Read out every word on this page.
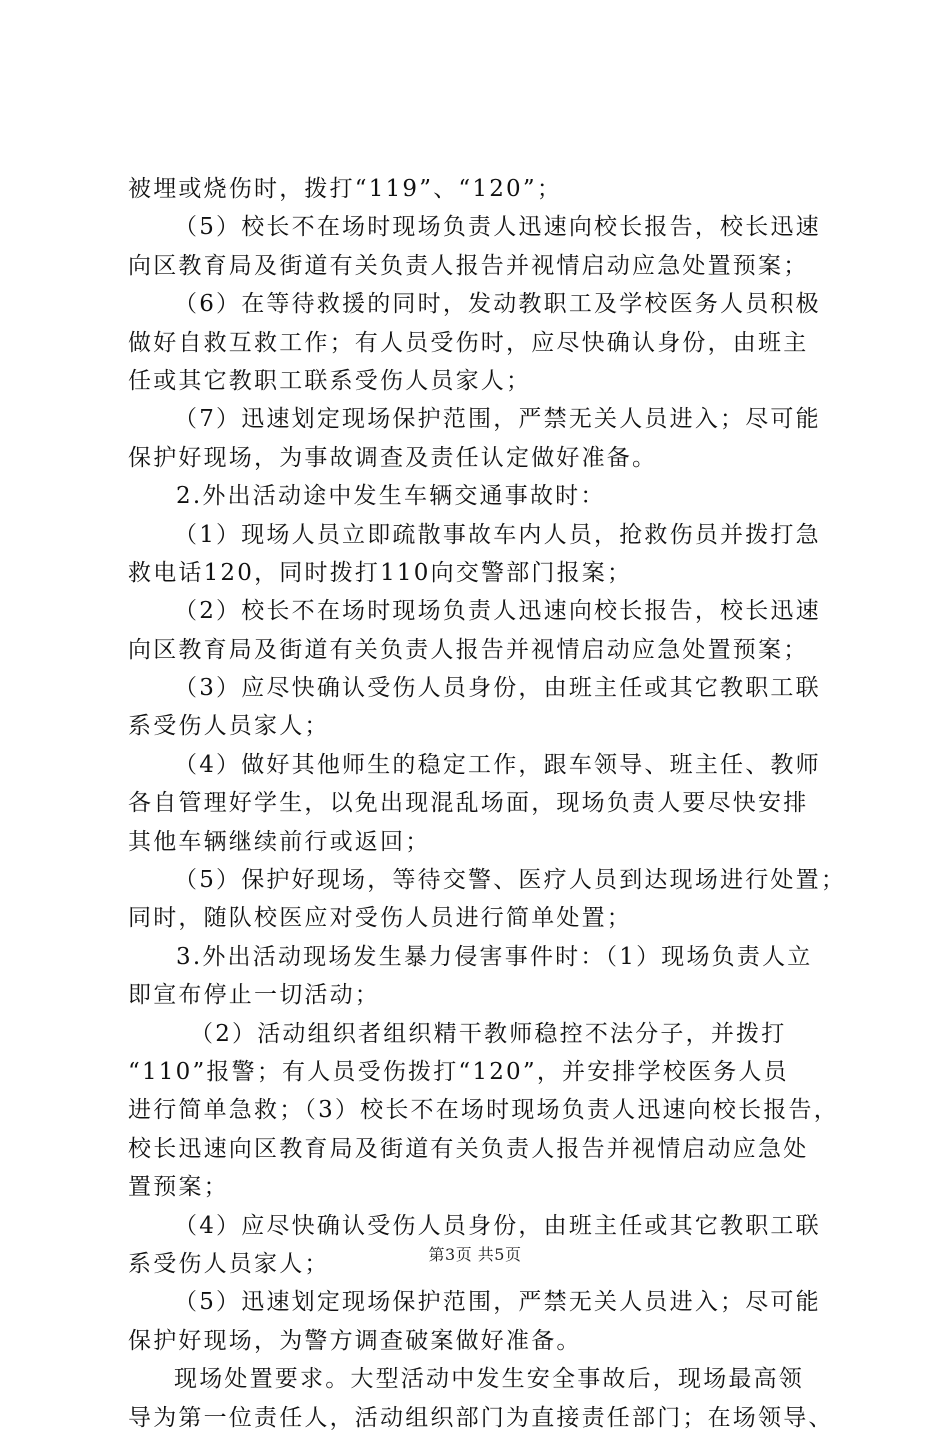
被埋或烧伤时，拨打“119”、“120”；
（5）校长不在场时现场负责人迅速向校长报告，校长迅速
向区教育局及街道有关负责人报告并视情启动应急处置预案；
（6）在等待救援的同时，发动教职工及学校医务人员积极
做好自救互救工作；有人员受伤时，应尽快确认身份，由班主
任或其它教职工联系受伤人员家人；
（7）迅速划定现场保护范围，严禁无关人员进入；尽可能
保护好现场，为事故调查及责任认定做好准备。
2.外出活动途中发生车辆交通事故时：
（1）现场人员立即疏散事故车内人员，抢救伤员并拨打急
救电话120，同时拨打110向交警部门报案；
（2）校长不在场时现场负责人迅速向校长报告，校长迅速
向区教育局及街道有关负责人报告并视情启动应急处置预案；
（3）应尽快确认受伤人员身份，由班主任或其它教职工联
系受伤人员家人；
（4）做好其他师生的稳定工作，跟车领导、班主任、教师
各自管理好学生，以免出现混乱场面，现场负责人要尽快安排
其他车辆继续前行或返回；
（5）保护好现场，等待交警、医疗人员到达现场进行处置；
同时，随队校医应对受伤人员进行简单处置；
3.外出活动现场发生暴力侵害事件时：（1）现场负责人立
即宣布停止一切活动；
（2）活动组织者组织精干教师稳控不法分子，并拨打
“110”报警；有人员受伤拨打“120”，并安排学校医务人员
进行简单急救；（3）校长不在场时现场负责人迅速向校长报告，
校长迅速向区教育局及街道有关负责人报告并视情启动应急处
置预案；
（4）应尽快确认受伤人员身份，由班主任或其它教职工联
系受伤人员家人；
（5）迅速划定现场保护范围，严禁无关人员进入；尽可能
保护好现场，为警方调查破案做好准备。
现场处置要求。大型活动中发生安全事故后，现场最高领
导为第一位责任人，活动组织部门为直接责任部门；在场领导、
第3页 共5页
